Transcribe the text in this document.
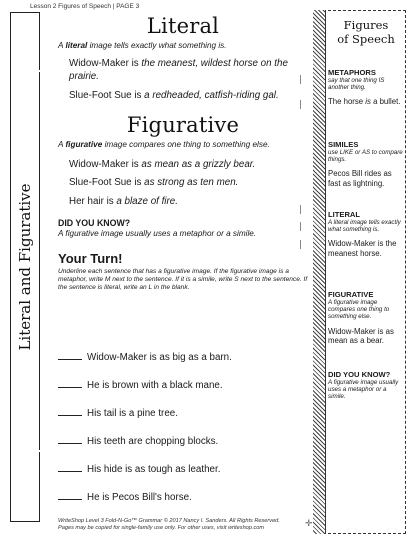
Lesson 2 Figures of Speech | PAGE 3
Literal and Figurative
Literal

A literal image tells exactly what something is.

Widow-Maker is the meanest, wildest horse on the prairie.

Slue-Foot Sue is a redheaded, catfish-riding gal.

Figurative

A figurative image compares one thing to something else.

Widow-Maker is as mean as a grizzly bear.

Slue-Foot Sue is as strong as ten men.

Her hair is a blaze of fire.

DID YOU KNOW?

A figurative image usually uses a metaphor or a simile.

Your Turn!

Underline each sentence that has a figurative image. If the figurative image is a metaphor, write M next to the sentence. If it is a simile, write S next to the sentence. If the sentence is literal, write an L in the blank.

Widow-Maker is as big as a barn.
He is brown with a black mane.
His tail is a pine tree.
His teeth are chopping blocks.
His hide is as tough as leather.
He is Pecos Bill's horse.
WriteShop Level 3 Fold-N-Go™ Grammar © 2017 Nancy I. Sanders. All Rights Reserved.
Pages may be copied for single-family use only. For other uses, visit writeshop.com	✛
Figures
of Speech

METAPHORS

say that one thing IS another thing.

The horse is a bullet.

SIMILES

use LIKE or AS to compare things.

Pecos Bill rides as fast as lightning.

LITERAL

A literal image tells exactly what something is.

Widow-Maker is the meanest horse.

FIGURATIVE

A figurative image compares one thing to something else.

Widow-Maker is as mean as a bear.

DID YOU KNOW?

A figurative image usually uses a metaphor or a simile.
